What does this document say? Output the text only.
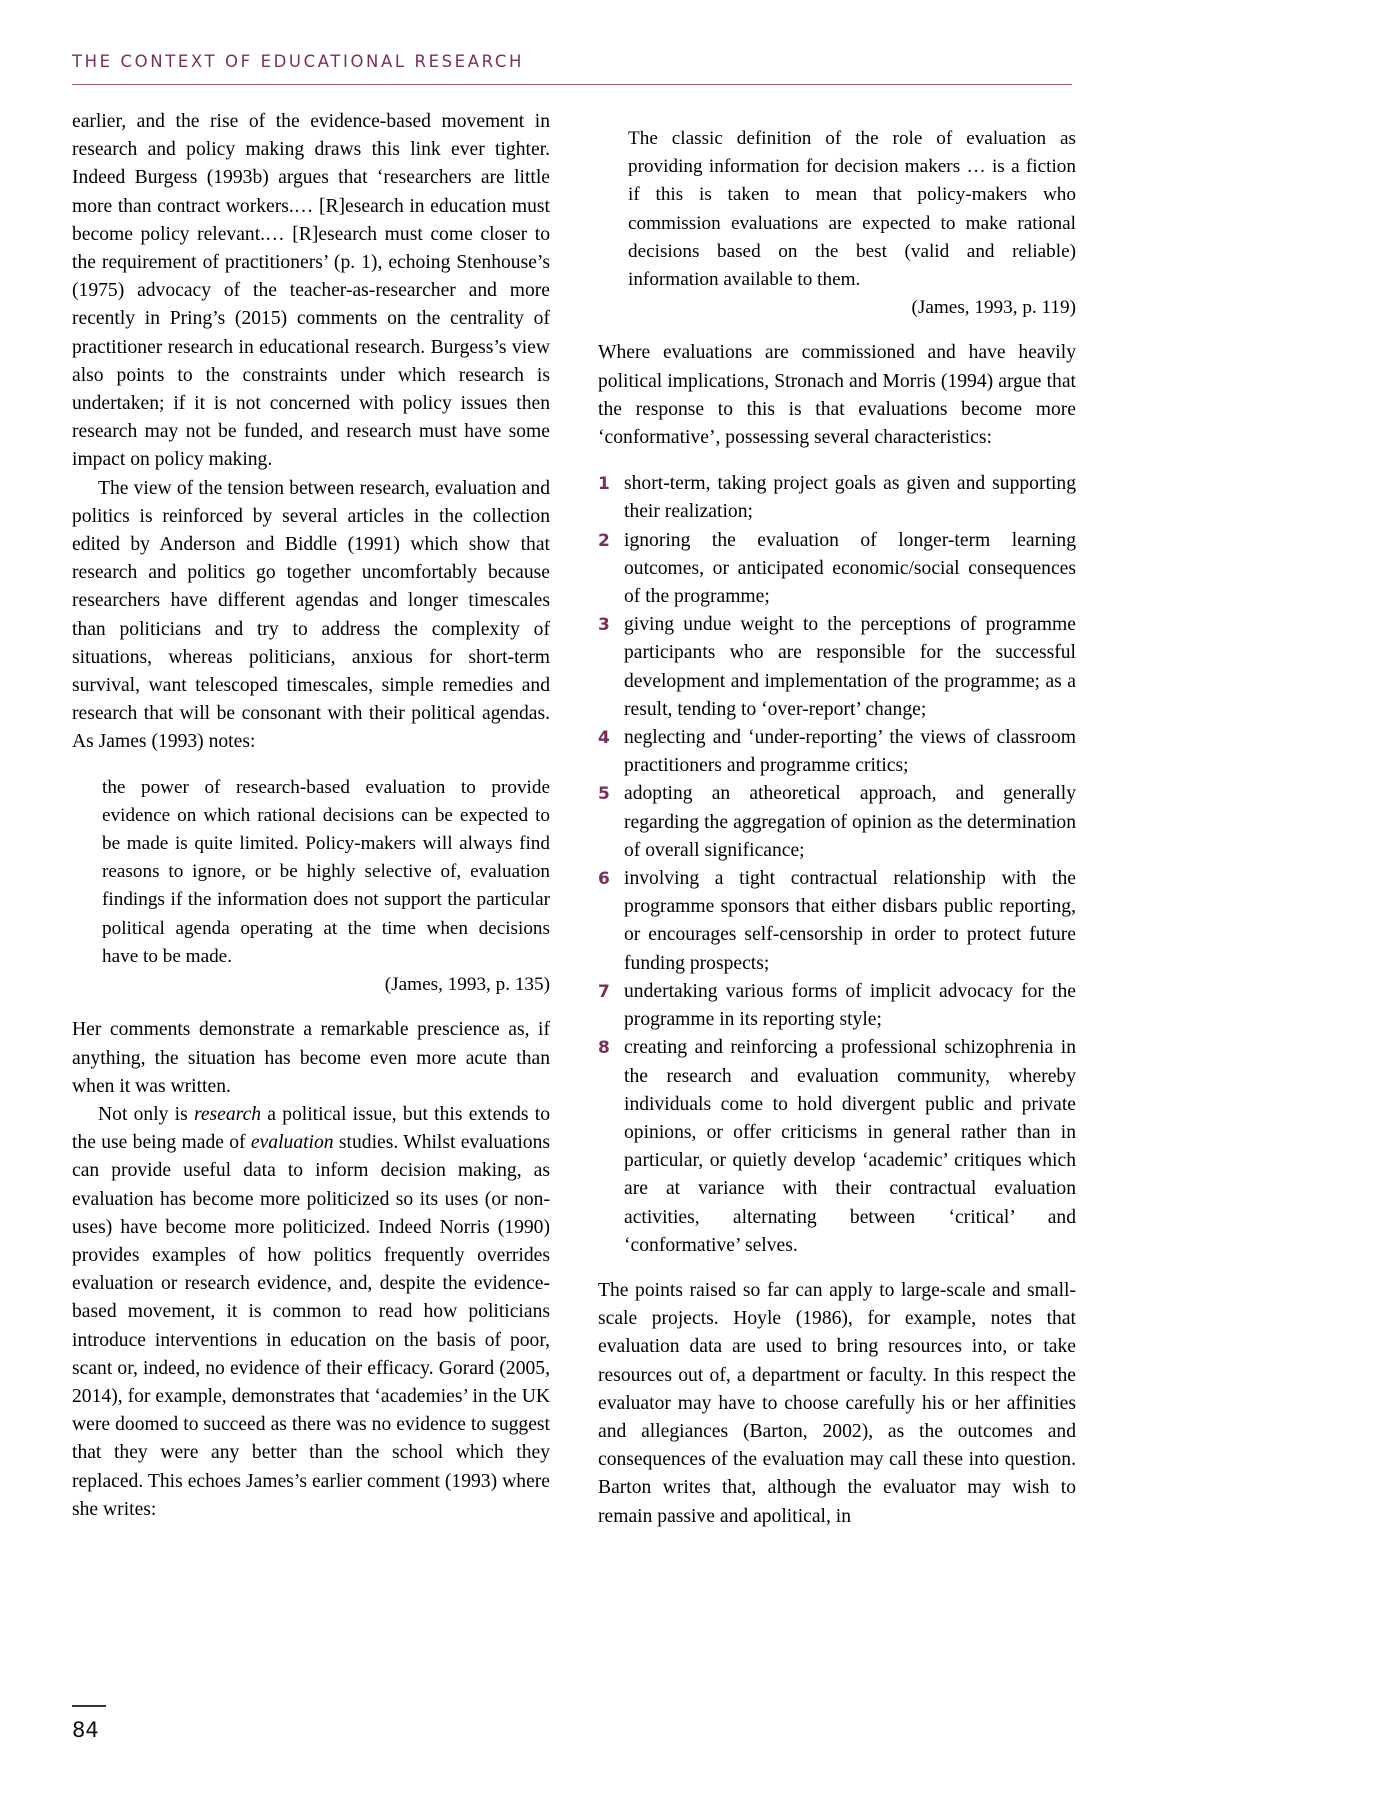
THE CONTEXT OF EDUCATIONAL RESEARCH

earlier, and the rise of the evidence-based movement in research and policy making draws this link ever tighter. Indeed Burgess (1993b) argues that ‘researchers are little more than contract workers.… [R]esearch in education must become policy relevant.… [R]esearch must come closer to the requirement of practitioners’ (p. 1), echoing Stenhouse’s (1975) advocacy of the teacher-as-researcher and more recently in Pring’s (2015) comments on the centrality of practitioner research in educational research. Burgess’s view also points to the constraints under which research is undertaken; if it is not concerned with policy issues then research may not be funded, and research must have some impact on policy making.

The view of the tension between research, evaluation and politics is reinforced by several articles in the collection edited by Anderson and Biddle (1991) which show that research and politics go together uncomfortably because researchers have different agendas and longer timescales than politicians and try to address the complexity of situations, whereas politicians, anxious for short-term survival, want telescoped timescales, simple remedies and research that will be consonant with their political agendas. As James (1993) notes:

the power of research-based evaluation to provide evidence on which rational decisions can be expected to be made is quite limited. Policy-makers will always find reasons to ignore, or be highly selective of, evaluation findings if the information does not support the particular political agenda operating at the time when decisions have to be made.

(James, 1993, p. 135)

Her comments demonstrate a remarkable prescience as, if anything, the situation has become even more acute than when it was written.

Not only is research a political issue, but this extends to the use being made of evaluation studies. Whilst evaluations can provide useful data to inform decision making, as evaluation has become more politicized so its uses (or non-uses) have become more politicized. Indeed Norris (1990) provides examples of how politics frequently overrides evaluation or research evidence, and, despite the evidence-based movement, it is common to read how politicians introduce interventions in education on the basis of poor, scant or, indeed, no evidence of their efficacy. Gorard (2005, 2014), for example, demonstrates that ‘academies’ in the UK were doomed to succeed as there was no evidence to suggest that they were any better than the school which they replaced. This echoes James’s earlier comment (1993) where she writes:

The classic definition of the role of evaluation as providing information for decision makers … is a fiction if this is taken to mean that policy-makers who commission evaluations are expected to make rational decisions based on the best (valid and reliable) information available to them.

(James, 1993, p. 119)

Where evaluations are commissioned and have heavily political implications, Stronach and Morris (1994) argue that the response to this is that evaluations become more ‘conformative’, possessing several characteristics:

1 short-term, taking project goals as given and supporting their realization;
2 ignoring the evaluation of longer-term learning outcomes, or anticipated economic/social consequences of the programme;
3 giving undue weight to the perceptions of programme participants who are responsible for the successful development and implementation of the programme; as a result, tending to ‘over-report’ change;
4 neglecting and ‘under-reporting’ the views of classroom practitioners and programme critics;
5 adopting an atheoretical approach, and generally regarding the aggregation of opinion as the determination of overall significance;
6 involving a tight contractual relationship with the programme sponsors that either disbars public reporting, or encourages self-censorship in order to protect future funding prospects;
7 undertaking various forms of implicit advocacy for the programme in its reporting style;
8 creating and reinforcing a professional schizophrenia in the research and evaluation community, whereby individuals come to hold divergent public and private opinions, or offer criticisms in general rather than in particular, or quietly develop ‘academic’ critiques which are at variance with their contractual evaluation activities, alternating between ‘critical’ and ‘conformative’ selves.

The points raised so far can apply to large-scale and small-scale projects. Hoyle (1986), for example, notes that evaluation data are used to bring resources into, or take resources out of, a department or faculty. In this respect the evaluator may have to choose carefully his or her affinities and allegiances (Barton, 2002), as the outcomes and consequences of the evaluation may call these into question. Barton writes that, although the evaluator may wish to remain passive and apolitical, in

84
